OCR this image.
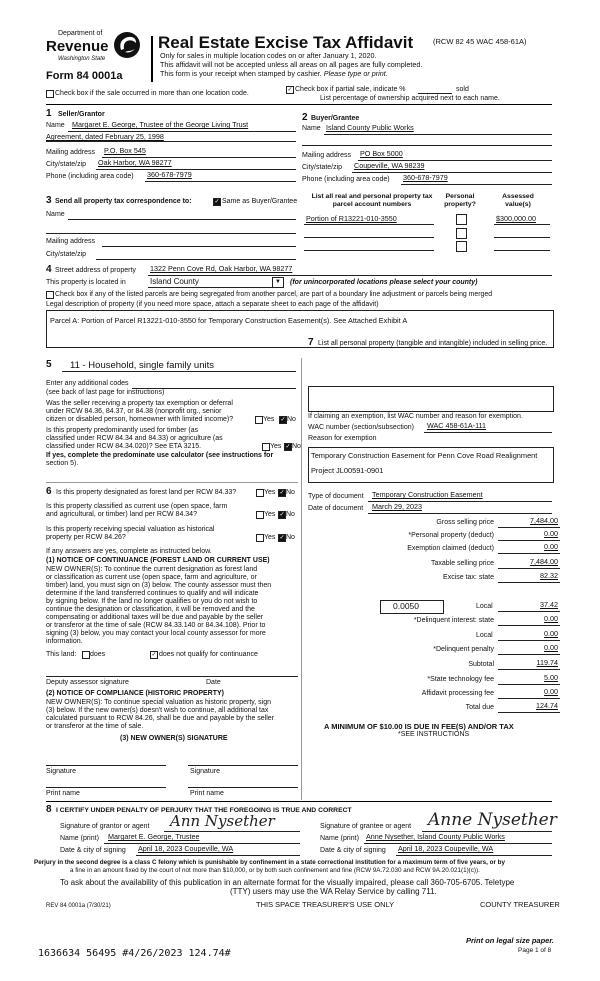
Department of
Revenue
Washington State
Form 84 0001a
Real Estate Excise Tax Affidavit	(RCW 82 45 WAC 458-61A)
Only for sales in multiple location codes on or after January 1, 2020.
This affidavit will not be accepted unless all areas on all pages are fully completed.
This form is your receipt when stamped by cashier. Please type or print.
Check box if the sale occurred in more than one location code.	✓ Check box if partial sale, indicate %	sold
List percentage of ownership acquired next to each name.
1 Seller/Grantor
Name Margaret E. George, Trustee of the George Living Trust
Agreement, dated February 25, 1998
Mailing address P.O. Box 545
City/state/zip Oak Harbor, WA 98277
Phone (including area code) 360-678-7979
2 Buyer/Grantee
Name Island County Public Works
Mailing address PO Box 5000
City/state/zip Coupeville, WA 98239
Phone (including area code) 360-678-7979
3 Send all property tax correspondence to:	✓ Same as Buyer/Grantee
Name
Mailing address
City/state/zip
List all real and personal property tax parcel account numbers
Personal property?
Assessed value(s)
Portion of R13221-010-3550	$300,000.00
4 Street address of property 1322 Penn Cove Rd, Oak Harbor, WA 98277
This property is located in	Island County	▼	(for unincorporated locations please select your county)
Check box if any of the listed parcels are being segregated from another parcel, are part of a boundary line adjustment or parcels being merged
Legal description of property (if you need more space, attach a separate sheet to each page of the affidavit)
Parcel A: Portion of Parcel R13221-010-3550 for Temporary Construction Easement(s). See Attached Exhibit A
5 11 - Household, single family units
Enter any additional codes
(see back of last page for instructions)
Was the seller receiving a property tax exemption or deferral
under RCW 84.36, 84.37, or 84.38 (nonprofit org., senior
citizen or disabled person, homeowner with limited income)?	Yes ✓ No
Is this property predominantly used for timber (as
classified under RCW 84.34 and 84.33) or agriculture (as
classified under RCW 84.34.020)? See ETA 3215.	Yes ✓ No
If yes, complete the predominate use calculator (see instructions for
section 5).
6 Is this property designated as forest land per RCW 84.33?	Yes ✓ No
Is this property classified as current use (open space, farm
and agricultural, or timber) land per RCW 84.34?	Yes ✓ No
Is this property receiving special valuation as historical
property per RCW 84.26?	Yes ✓ No
If any answers are yes, complete as instructed below.
(1) NOTICE OF CONTINUANCE (FOREST LAND OR CURRENT USE)
NEW OWNER(S): To continue the current designation as forest land
or classification as current use (open space, farm and agriculture, or
timber) land, you must sign on (3) below. The county assessor must then
determine if the land transferred continues to qualify and will indicate
by signing below. If the land no longer qualifies or you do not wish to
continue the designation or classification, it will be removed and the
compensating or additional taxes will be due and payable by the seller
or transferor at the time of sale (RCW 84.33.140 or 84.34.108). Prior to
signing (3) below, you may contact your local county assessor for more
information.
This land: does	✓ does not qualify for continuance
Deputy assessor signature	Date
(2) NOTICE OF COMPLIANCE (HISTORIC PROPERTY)
NEW OWNER(S): To continue special valuation as historic property, sign
(3) below. If the new owner(s) doesn't wish to continue, all additional tax
calculated pursuant to RCW 84.26, shall be due and payable by the seller
or transferor at the time of sale.
(3) NEW OWNER(S) SIGNATURE
Signature	Signature
Print name	Print name
7 List all personal property (tangible and intangible) included in selling price.
If claiming an exemption, list WAC number and reason for exemption.
WAC number (section/subsection) WAC 458-61A-111
Reason for exemption
Temporary Construction Easement for Penn Cove Road Realignment
Project JL00591-0901
Type of document Temporary Construction Easement
Date of document March 29, 2023
Gross selling price	7,484.00
*Personal property (deduct)	0.00
Exemption claimed (deduct)	0.00
Taxable selling price	7,484.00
Excise tax: state	82.32
0.0050	Local	37.42
*Delinquent interest: state	0.00
Local	0.00
*Delinquent penalty	0.00
Subtotal	119.74
*State technology fee	5.00
Affidavit processing fee	0.00
Total due	124.74
A MINIMUM OF $10.00 IS DUE IN FEE(S) AND/OR TAX
*SEE INSTRUCTIONS
8 I CERTIFY UNDER PENALTY OF PERJURY THAT THE FOREGOING IS TRUE AND CORRECT
Signature of grantor or agent Ann Nysether	Signature of grantee or agent Anne Nysether
Name (print) Margaret E. George, Trustee	Name (print) Anne Nysether, Island County Public Works
Date & city of signing April 18, 2023 Coupeville, WA	Date & city of signing April 18, 2023 Coupeville, WA
Perjury in the second degree is a class C felony which is punishable by confinement in a state correctional institution for a maximum term of five years, or by
a fine in an amount fixed by the court of not more than $10,000, or by both such confinement and fine (RCW 9A.72.030 and RCW 9A.20.021(1)(c)).
To ask about the availability of this publication in an alternate format for the visually impaired, please call 360-705-6705. Teletype
(TTY) users may use the WA Relay Service by calling 711.
REV 84 0001a (7/30/21)	THIS SPACE TREASURER'S USE ONLY	COUNTY TREASURER
Print on legal size paper.
Page 1 of 8
1636634 56495 #4/26/2023 124.74#
